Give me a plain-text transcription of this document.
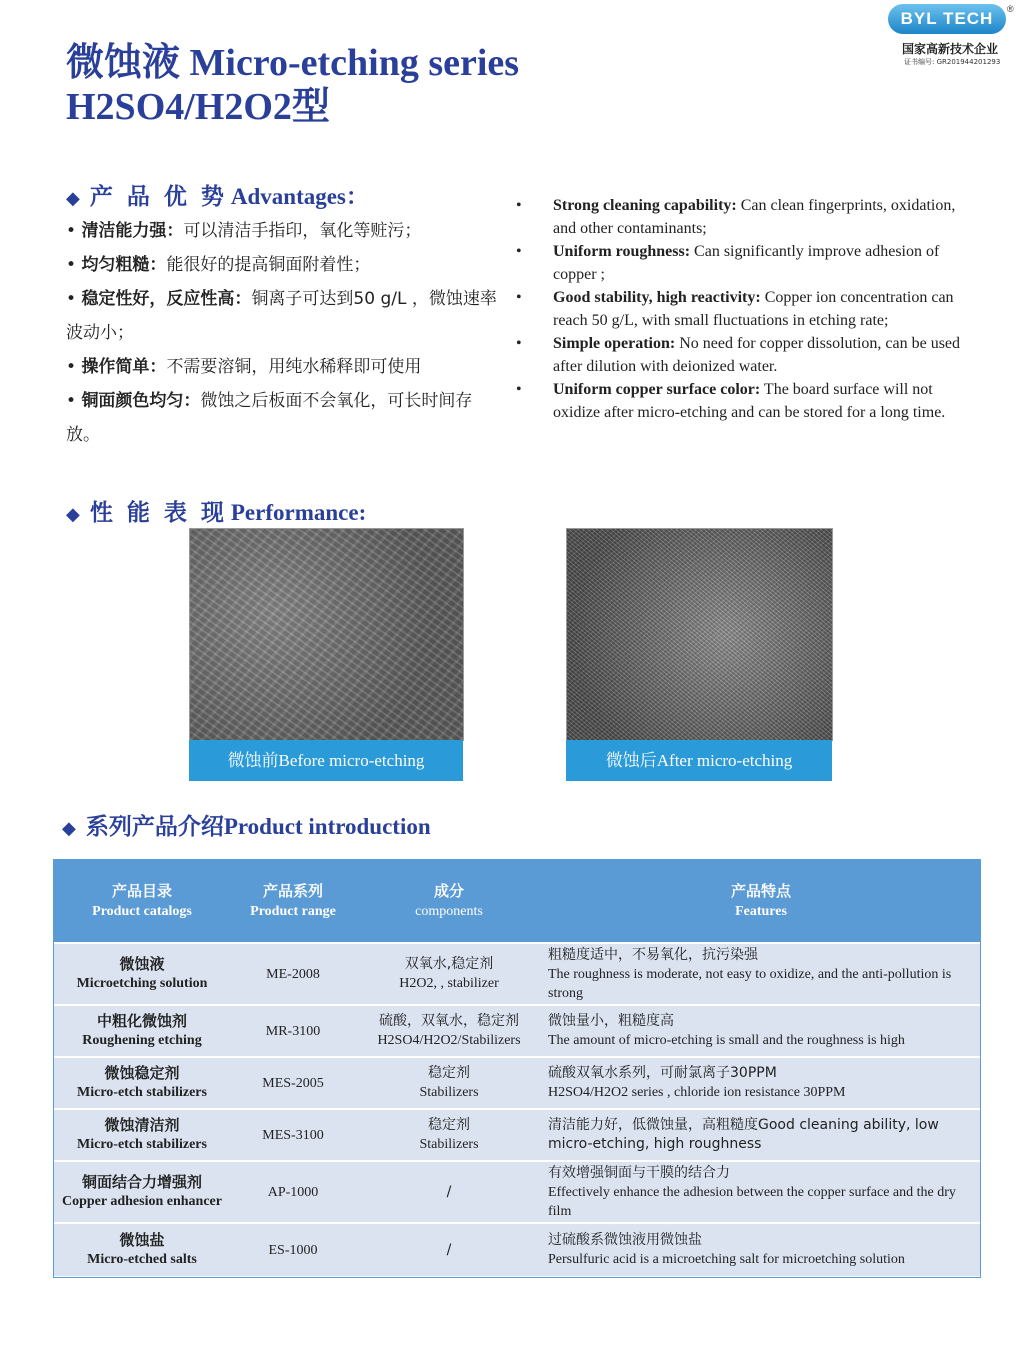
微蚀液 Micro-etching series
H2SO4/H2O2型
BYL TECH	®
国家高新技术企业
证书编号: GR201944201293
◆ 产 品 优 势 Advantages：
• 清洁能力强：可以清洁手指印，氧化等赃污；
• 均匀粗糙：能很好的提高铜面附着性；
• 稳定性好，反应性高：铜离子可达到50 g/L ，微蚀速率波动小；
• 操作简单：不需要溶铜，用纯水稀释即可使用
• 铜面颜色均匀：微蚀之后板面不会氧化，可长时间存放。
• Strong cleaning capability: Can clean fingerprints, oxidation, and other contaminants;
• Uniform roughness: Can significantly improve adhesion of copper ;
• Good stability, high reactivity: Copper ion concentration can reach 50 g/L, with small fluctuations in etching rate;
• Simple operation: No need for copper dissolution, can be used after dilution with deionized water.
• Uniform copper surface color: The board surface will not oxidize after micro-etching and can be stored for a long time.
◆ 性 能 表 现 Performance:
微蚀前Before micro-etching	微蚀后After micro-etching
◆ 系列产品介绍Product introduction
产品目录
Product catalogs	产品系列
Product range	成分
components	产品特点
Features

微蚀液
Microetching solution	ME-2008	双氧水,稳定剂
H2O2, , stabilizer	粗糙度适中，不易氧化，抗污染强
The roughness is moderate, not easy to oxidize, and the anti-pollution is strong

中粗化微蚀剂
Roughening etching	MR-3100	硫酸，双氧水，稳定剂
H2SO4/H2O2/Stabilizers	微蚀量小，粗糙度高
The amount of micro-etching is small and the roughness is high

微蚀稳定剂
Micro-etch stabilizers	MES-2005	稳定剂
Stabilizers	硫酸双氧水系列，可耐氯离子30PPM
H2SO4/H2O2 series , chloride ion resistance 30PPM

微蚀清洁剂
Micro-etch stabilizers	MES-3100	稳定剂
Stabilizers	清洁能力好，低微蚀量，高粗糙度Good cleaning ability, low micro-etching, high roughness

铜面结合力增强剂
Copper adhesion enhancer	AP-1000	/	有效增强铜面与干膜的结合力
Effectively enhance the adhesion between the copper surface and the dry film

微蚀盐
Micro-etched salts	ES-1000	/	过硫酸系微蚀液用微蚀盐
Persulfuric acid is a microetching salt for microetching solution
